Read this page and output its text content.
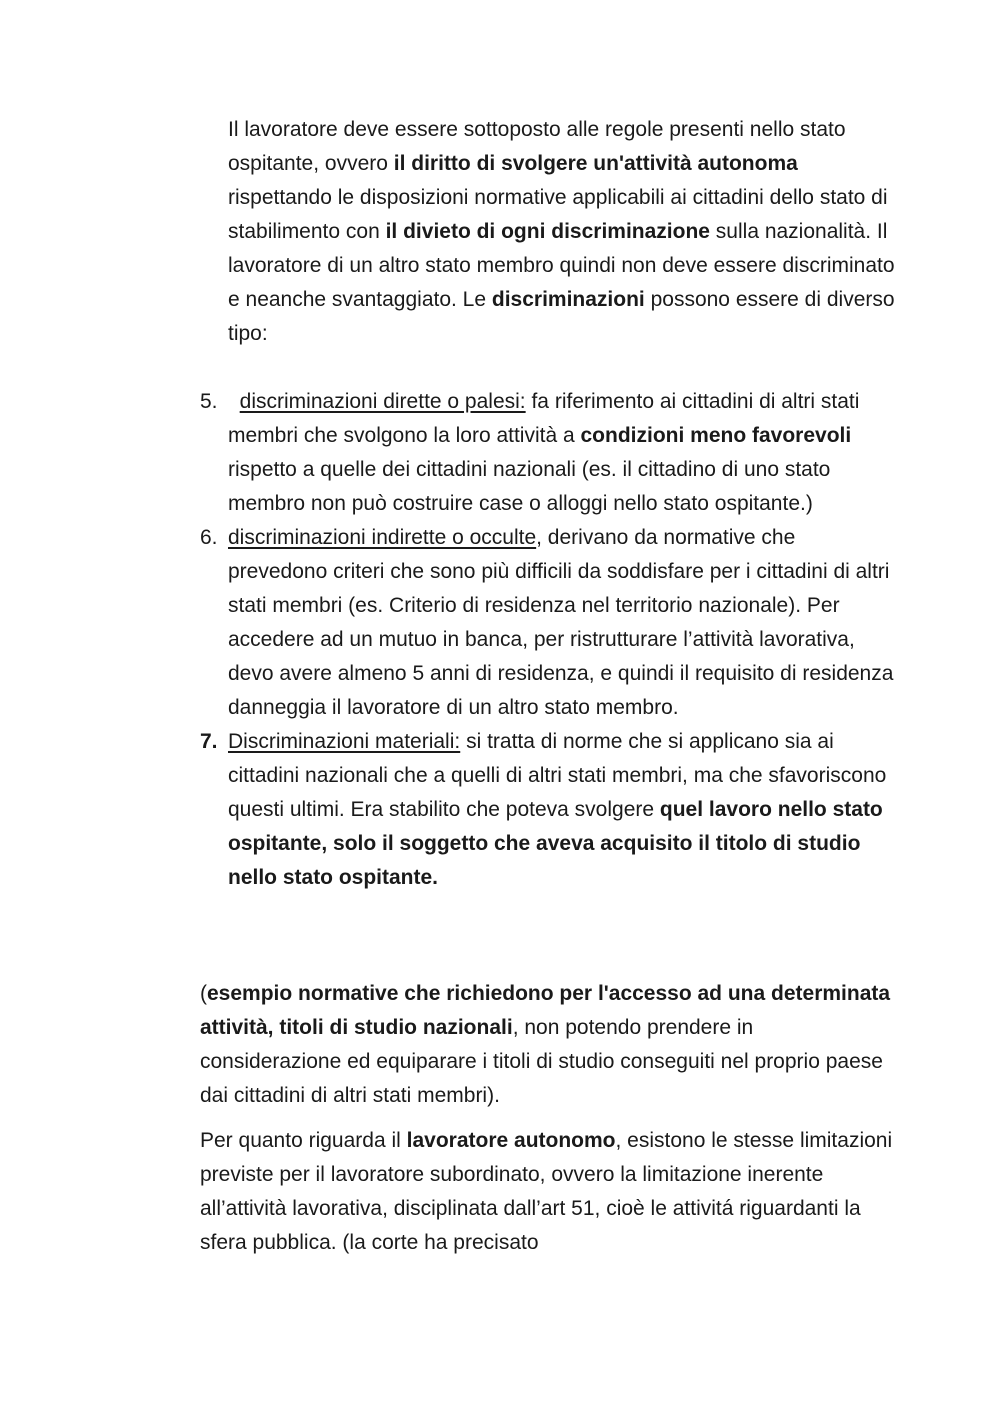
Il lavoratore deve essere sottoposto alle regole presenti nello stato ospitante, ovvero il diritto di svolgere un'attività autonoma rispettando le disposizioni normative applicabili ai cittadini dello stato di stabilimento con il divieto di ogni discriminazione sulla nazionalità. Il lavoratore di un altro stato membro quindi non deve essere discriminato e neanche svantaggiato. Le discriminazioni possono essere di diverso tipo:
5. discriminazioni dirette o palesi: fa riferimento ai cittadini di altri stati membri che svolgono la loro attività a condizioni meno favorevoli rispetto a quelle dei cittadini nazionali (es. il cittadino di uno stato membro non può costruire case o alloggi nello stato ospitante.)
6. discriminazioni indirette o occulte, derivano da normative che prevedono criteri che sono più difficili da soddisfare per i cittadini di altri stati membri (es. Criterio di residenza nel territorio nazionale). Per accedere ad un mutuo in banca, per ristrutturare l’attività lavorativa, devo avere almeno 5 anni di residenza, e quindi il requisito di residenza danneggia il lavoratore di un altro stato membro.
7. Discriminazioni materiali: si tratta di norme che si applicano sia ai cittadini nazionali che a quelli di altri stati membri, ma che sfavoriscono questi ultimi. Era stabilito che poteva svolgere quel lavoro nello stato ospitante, solo il soggetto che aveva acquisito il titolo di studio nello stato ospitante.
(esempio normative che richiedono per l'accesso ad una determinata attività, titoli di studio nazionali, non potendo prendere in considerazione ed equiparare i titoli di studio conseguiti nel proprio paese dai cittadini di altri stati membri).
Per quanto riguarda il lavoratore autonomo, esistono le stesse limitazioni previste per il lavoratore subordinato, ovvero la limitazione inerente all’attività lavorativa, disciplinata dall’art 51, cioè le attivitá riguardanti la sfera pubblica. (la corte ha precisato
